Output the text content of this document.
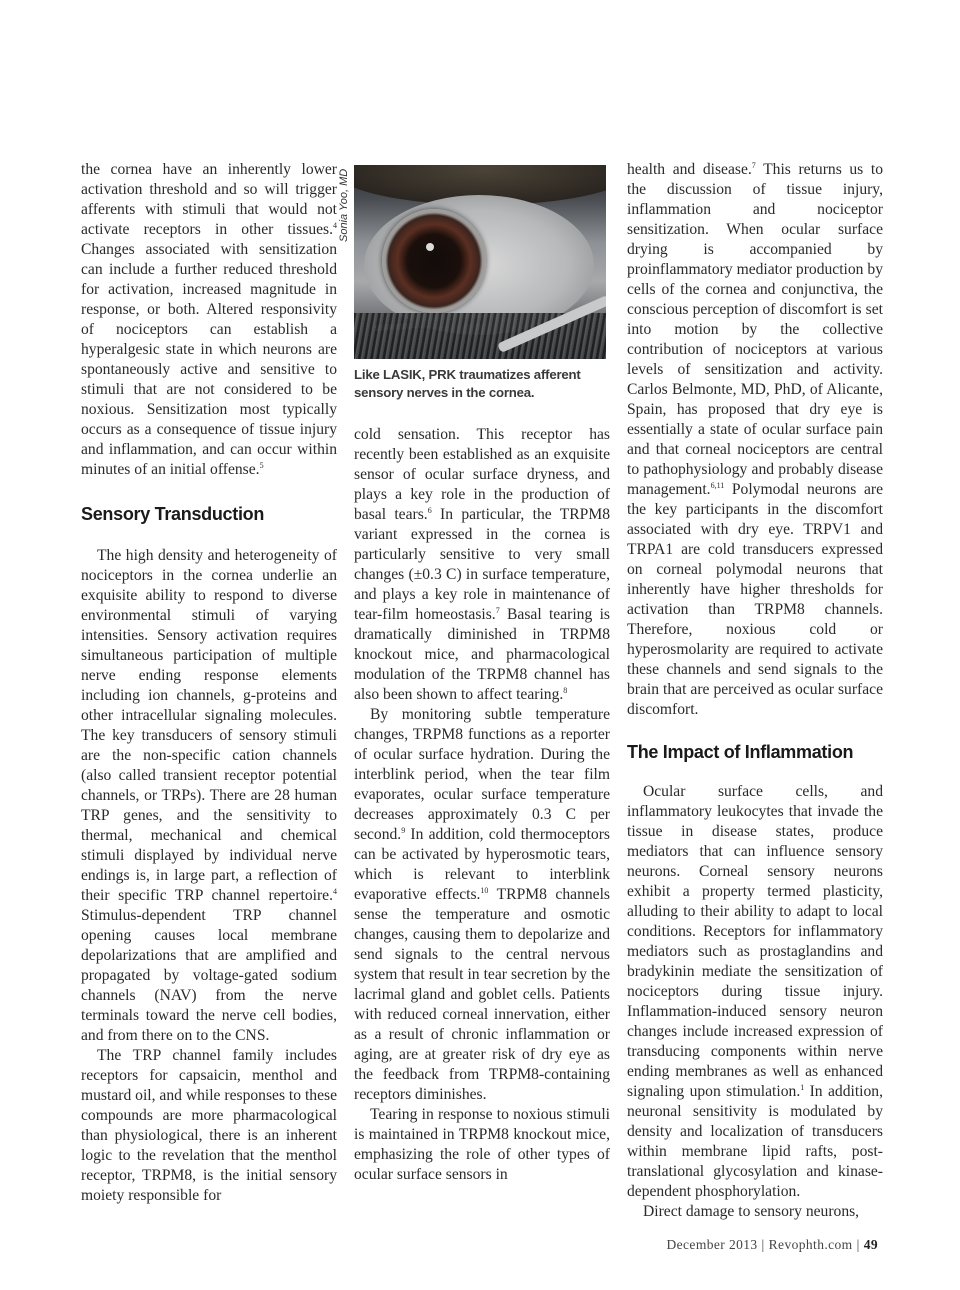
the cornea have an inherently lower activation threshold and so will trigger afferents with stimuli that would not activate receptors in other tissues.$^4$ Changes associated with sensitization can include a further reduced threshold for activation, increased magnitude in response, or both. Altered responsivity of nociceptors can establish a hyperalgesic state in which neurons are spontaneously active and sensitive to stimuli that are not considered to be noxious. Sensitization most typically occurs as a consequence of tissue injury and inflammation, and can occur within minutes of an initial offense.$^5$

Sensory Transduction

The high density and heterogeneity of nociceptors in the cornea underlie an exquisite ability to respond to diverse environmental stimuli of varying intensities. Sensory activation requires simultaneous participation of multiple nerve ending response elements including ion channels, g-proteins and other intracellular signaling molecules. The key transducers of sensory stimuli are the non-specific cation channels (also called transient receptor potential channels, or TRPs). There are 28 human TRP genes, and the sensitivity to thermal, mechanical and chemical stimuli displayed by individual nerve endings is, in large part, a reflection of their specific TRP channel repertoire.$^4$ Stimulus-dependent TRP channel opening causes local membrane depolarizations that are amplified and propagated by voltage-gated sodium channels (NAV) from the nerve terminals toward the nerve cell bodies, and from there on to the CNS.

The TRP channel family includes receptors for capsaicin, menthol and mustard oil, and while responses to these compounds are more pharmacological than physiological, there is an inherent logic to the revelation that the menthol receptor, TRPM8, is the initial sensory moiety responsible for

Sonia Yoo, MD
Like LASIK, PRK traumatizes afferent sensory nerves in the cornea.

cold sensation. This receptor has recently been established as an exquisite sensor of ocular surface dryness, and plays a key role in the production of basal tears.$^6$ In particular, the TRPM8 variant expressed in the cornea is particularly sensitive to very small changes (±0.3 C) in surface temperature, and plays a key role in maintenance of tear-film homeostasis.$^7$ Basal tearing is dramatically diminished in TRPM8 knockout mice, and pharmacological modulation of the TRPM8 channel has also been shown to affect tearing.$^8$

By monitoring subtle temperature changes, TRPM8 functions as a reporter of ocular surface hydration. During the interblink period, when the tear film evaporates, ocular surface temperature decreases approximately 0.3 C per second.$^9$ In addition, cold thermoceptors can be activated by hyperosmotic tears, which is relevant to interblink evaporative effects.$^{10}$ TRPM8 channels sense the temperature and osmotic changes, causing them to depolarize and send signals to the central nervous system that result in tear secretion by the lacrimal gland and goblet cells. Patients with reduced corneal innervation, either as a result of chronic inflammation or aging, are at greater risk of dry eye as the feedback from TRPM8-containing receptors diminishes.

Tearing in response to noxious stimuli is maintained in TRPM8 knockout mice, emphasizing the role of other types of ocular surface sensors in

health and disease.$^7$ This returns us to the discussion of tissue injury, inflammation and nociceptor sensitization. When ocular surface drying is accompanied by proinflammatory mediator production by cells of the cornea and conjunctiva, the conscious perception of discomfort is set into motion by the collective contribution of nociceptors at various levels of sensitization and activity. Carlos Belmonte, MD, PhD, of Alicante, Spain, has proposed that dry eye is essentially a state of ocular surface pain and that corneal nociceptors are central to pathophysiology and probably disease management.$^{6,11}$ Polymodal neurons are the key participants in the discomfort associated with dry eye. TRPV1 and TRPA1 are cold transducers expressed on corneal polymodal neurons that inherently have higher thresholds for activation than TRPM8 channels. Therefore, noxious cold or hyperosmolarity are required to activate these channels and send signals to the brain that are perceived as ocular surface discomfort.

The Impact of Inflammation

Ocular surface cells, and inflammatory leukocytes that invade the tissue in disease states, produce mediators that can influence sensory neurons. Corneal sensory neurons exhibit a property termed plasticity, alluding to their ability to adapt to local conditions. Receptors for inflammatory mediators such as prostaglandins and bradykinin mediate the sensitization of nociceptors during tissue injury. Inflammation-induced sensory neuron changes include increased expression of transducing components within nerve ending membranes as well as enhanced signaling upon stimulation.$^1$ In addition, neuronal sensitivity is modulated by density and localization of transducers within membrane lipid rafts, post-translational glycosylation and kinase-dependent phosphorylation.

Direct damage to sensory neurons,

December 2013 | Revophth.com | 49
